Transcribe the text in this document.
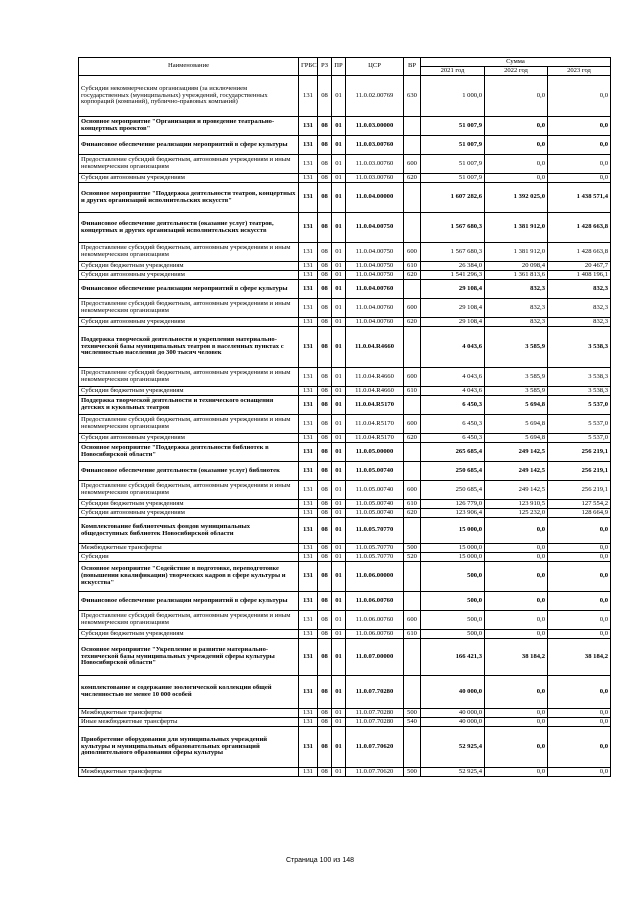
Наименование	ГРБС	РЗ	ПР	ЦСР	ВР	Сумма		
						2021 год	2022 год	2023 год
Субсидии некоммерческим организациям (за исключением государственных (муниципальных) учреждений, государственных корпораций (компаний), публично-правовых компаний)	131	08	01	11.0.02.00769	630	1 000,0	0,0	0,0
Основное мероприятие "Организация и проведение театрально-концертных проектов"	131	08	01	11.0.03.00000		51 007,9	0,0	0,0
Финансовое обеспечение реализации мероприятий в сфере культуры	131	08	01	11.0.03.00760		51 007,9	0,0	0,0
Предоставление субсидий бюджетным, автономным учреждениям и иным некоммерческим организациям	131	08	01	11.0.03.00760	600	51 007,9	0,0	0,0
Субсидии автономным учреждениям	131	08	01	11.0.03.00760	620	51 007,9	0,0	0,0
Основное мероприятие "Поддержка деятельности театров, концертных и других организаций исполнительских искусств"	131	08	01	11.0.04.00000		1 607 282,6	1 392 025,0	1 438 571,4
Финансовое обеспечение деятельности (оказание услуг) театров, концертных и других организаций исполнительских искусств	131	08	01	11.0.04.00750		1 567 680,3	1 381 912,0	1 428 663,8
Предоставление субсидий бюджетным, автономным учреждениям и иным некоммерческим организациям	131	08	01	11.0.04.00750	600	1 567 680,3	1 381 912,0	1 428 663,8
Субсидии бюджетным учреждениям	131	08	01	11.0.04.00750	610	26 384,0	20 098,4	20 467,7
Субсидии автономным учреждениям	131	08	01	11.0.04.00750	620	1 541 296,3	1 361 813,6	1 408 196,1
Финансовое обеспечение реализации мероприятий в сфере культуры	131	08	01	11.0.04.00760		29 108,4	832,3	832,3
Предоставление субсидий бюджетным, автономным учреждениям и иным некоммерческим организациям	131	08	01	11.0.04.00760	600	29 108,4	832,3	832,3
Субсидии автономным учреждениям	131	08	01	11.0.04.00760	620	29 108,4	832,3	832,3
Поддержка творческой деятельности и укрепления материально-технической базы муниципальных театров в населенных пунктах с численностью населения до 300 тысяч человек	131	08	01	11.0.04.R4660		4 043,6	3 585,9	3 538,3
Предоставление субсидий бюджетным, автономным учреждениям и иным некоммерческим организациям	131	08	01	11.0.04.R4660	600	4 043,6	3 585,9	3 538,3
Субсидии бюджетным учреждениям	131	08	01	11.0.04.R4660	610	4 043,6	3 585,9	3 538,3
Поддержка творческой деятельности и технического оснащения детских и кукольных театров	131	08	01	11.0.04.R5170		6 450,3	5 694,8	5 537,0
Предоставление субсидий бюджетным, автономным учреждениям и иным некоммерческим организациям	131	08	01	11.0.04.R5170	600	6 450,3	5 694,8	5 537,0
Субсидии автономным учреждениям	131	08	01	11.0.04.R5170	620	6 450,3	5 694,8	5 537,0
Основное мероприятие "Поддержка деятельности библиотек в Новосибирской области"	131	08	01	11.0.05.00000		265 685,4	249 142,5	256 219,1
Финансовое обеспечение деятельности (оказание услуг) библиотек	131	08	01	11.0.05.00740		250 685,4	249 142,5	256 219,1
Предоставление субсидий бюджетным, автономным учреждениям и иным некоммерческим организациям	131	08	01	11.0.05.00740	600	250 685,4	249 142,5	256 219,1
Субсидии бюджетным учреждениям	131	08	01	11.0.05.00740	610	126 779,0	123 910,5	127 554,2
Субсидии автономным учреждениям	131	08	01	11.0.05.00740	620	123 906,4	125 232,0	128 664,9
Комплектование библиотечных фондов муниципальных общедоступных библиотек Новосибирской области	131	08	01	11.0.05.70770		15 000,0	0,0	0,0
Межбюджетные трансферты	131	08	01	11.0.05.70770	500	15 000,0	0,0	0,0
Субсидии	131	08	01	11.0.05.70770	520	15 000,0	0,0	0,0
Основное мероприятие "Содействие в подготовке, переподготовке (повышении квалификации) творческих кадров в сфере культуры и искусства"	131	08	01	11.0.06.00000		500,0	0,0	0,0
Финансовое обеспечение реализации мероприятий в сфере культуры	131	08	01	11.0.06.00760		500,0	0,0	0,0
Предоставление субсидий бюджетным, автономным учреждениям и иным некоммерческим организациям	131	08	01	11.0.06.00760	600	500,0	0,0	0,0
Субсидии бюджетным учреждениям	131	08	01	11.0.06.00760	610	500,0	0,0	0,0
Основное мероприятие "Укрепление и развитие материально-технической базы муниципальных учреждений сферы культуры Новосибирской области"	131	08	01	11.0.07.00000		166 421,3	38 184,2	38 184,2
комплектование и содержание зоологической коллекции общей численностью не менее 10 000 особей	131	08	01	11.0.07.70280		40 000,0	0,0	0,0
Межбюджетные трансферты	131	08	01	11.0.07.70280	500	40 000,0	0,0	0,0
Иные межбюджетные трансферты	131	08	01	11.0.07.70280	540	40 000,0	0,0	0,0
Приобретение оборудования для муниципальных учреждений культуры и муниципальных образовательных организаций дополнительного образования сферы культуры	131	08	01	11.0.07.70620		52 925,4	0,0	0,0
Межбюджетные трансферты	131	08	01	11.0.07.70620	500	52 925,4	0,0	0,0
Страница 100 из 148
